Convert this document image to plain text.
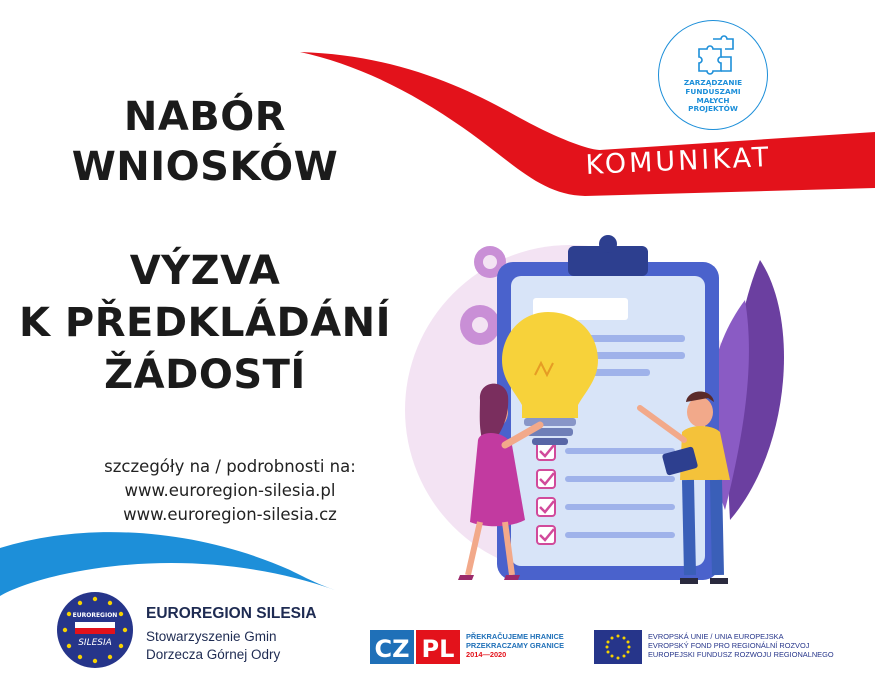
NABÓR
WNIOSKÓW
VÝZVA
K PŘEDKLÁDÁNÍ
ŽÁDOSTÍ
szczegóły na / podrobnosti na:
www.euroregion-silesia.pl
www.euroregion-silesia.cz
KOMUNIKAT
ZARZĄDZANIE
FUNDUSZAMI
MAŁYCH
PROJEKTÓW
EUROREGION
SILESIA
EUROREGION SILESIA
Stowarzyszenie Gmin
Dorzecza Górnej Odry	CZ PL PŘEKRAČUJEME HRANICE
PRZEKRACZAMY GRANICE
2014—2020
EVROPSKÁ UNIE / UNIA EUROPEJSKA
EVROPSKÝ FOND PRO REGIONÁLNÍ ROZVOJ
EUROPEJSKI FUNDUSZ ROZWOJU REGIONALNEGO
